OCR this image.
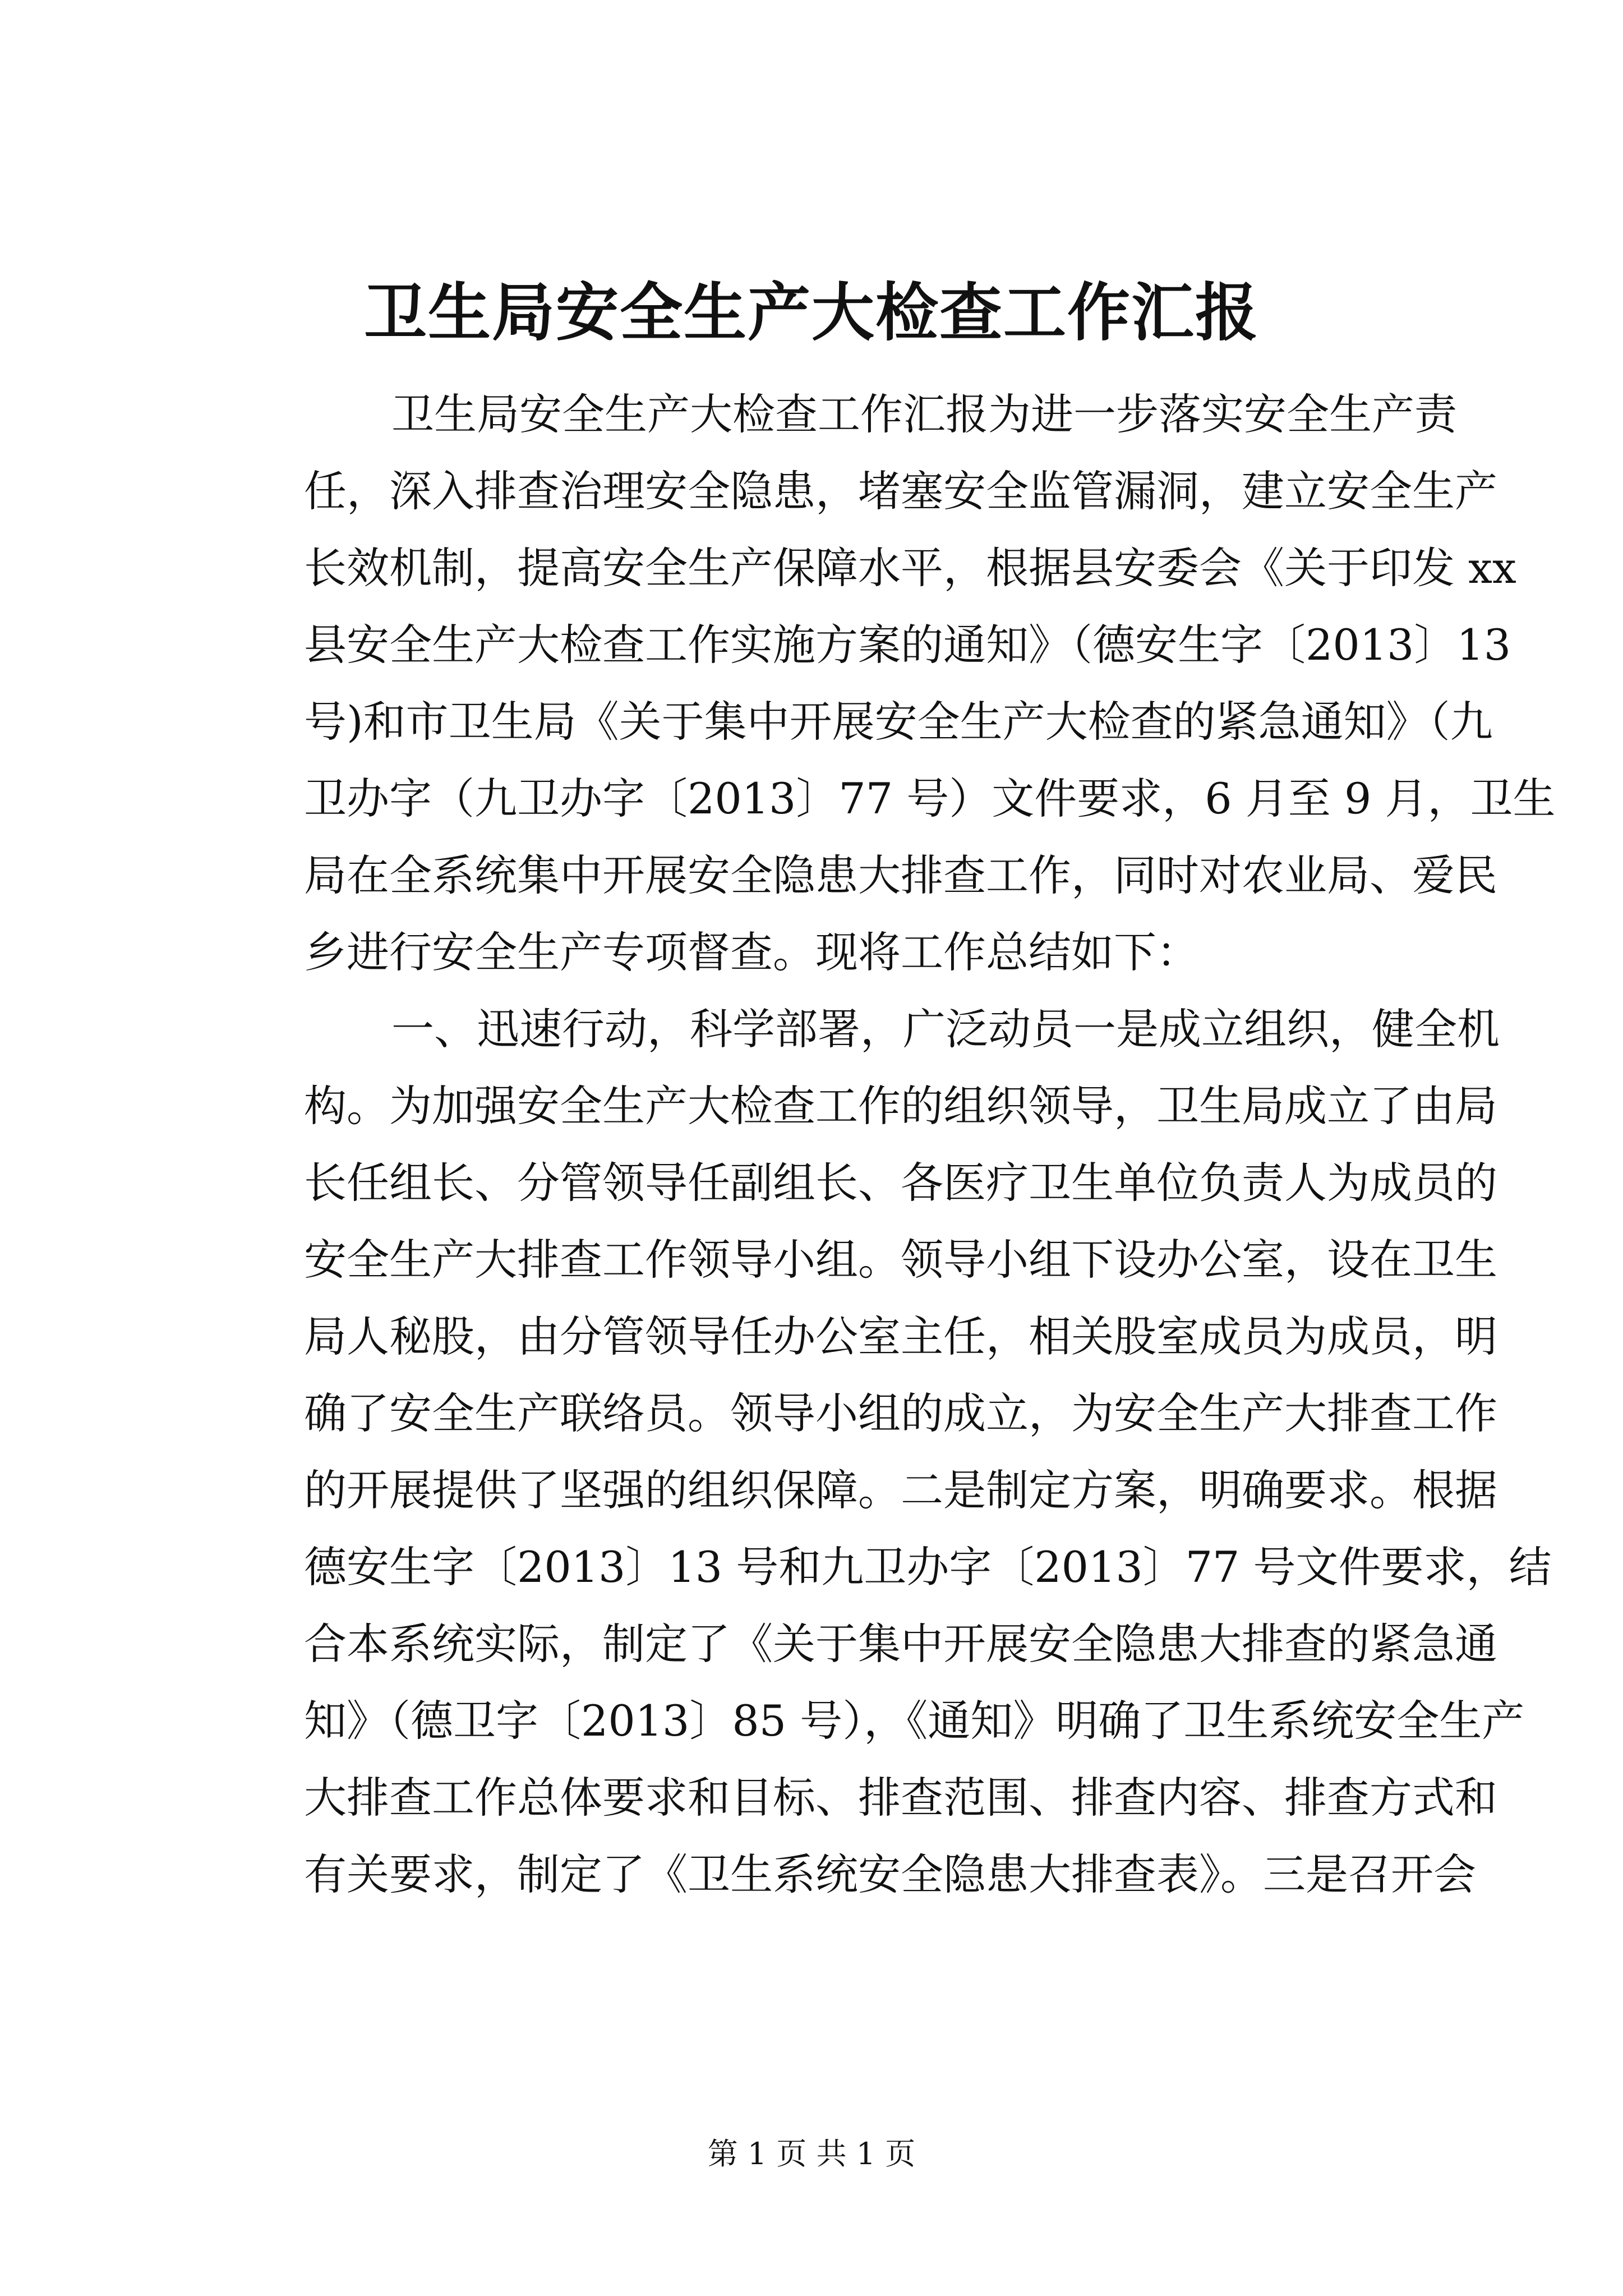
卫生局安全生产大检查工作汇报
卫生局安全生产大检查工作汇报为进一步落实安全生产责
任，深入排查治理安全隐患，堵塞安全监管漏洞，建立安全生产
长效机制，提高安全生产保障水平，根据县安委会《关于印发 xx
县安全生产大检查工作实施方案的通知》（德安生字〔2013〕13
号)和市卫生局《关于集中开展安全生产大检查的紧急通知》（九
卫办字（九卫办字〔2013〕77 号）文件要求，6 月至 9 月，卫生
局在全系统集中开展安全隐患大排查工作，同时对农业局、爱民
乡进行安全生产专项督查。现将工作总结如下：
一、迅速行动，科学部署，广泛动员一是成立组织，健全机
构。为加强安全生产大检查工作的组织领导，卫生局成立了由局
长任组长、分管领导任副组长、各医疗卫生单位负责人为成员的
安全生产大排查工作领导小组。领导小组下设办公室，设在卫生
局人秘股，由分管领导任办公室主任，相关股室成员为成员，明
确了安全生产联络员。领导小组的成立，为安全生产大排查工作
的开展提供了坚强的组织保障。二是制定方案，明确要求。根据
德安生字〔2013〕13 号和九卫办字〔2013〕77 号文件要求，结
合本系统实际，制定了《关于集中开展安全隐患大排查的紧急通
知》（德卫字〔2013〕85 号），《通知》明确了卫生系统安全生产
大排查工作总体要求和目标、排查范围、排查内容、排查方式和
有关要求，制定了《卫生系统安全隐患大排查表》。三是召开会
第 1 页 共 1 页
